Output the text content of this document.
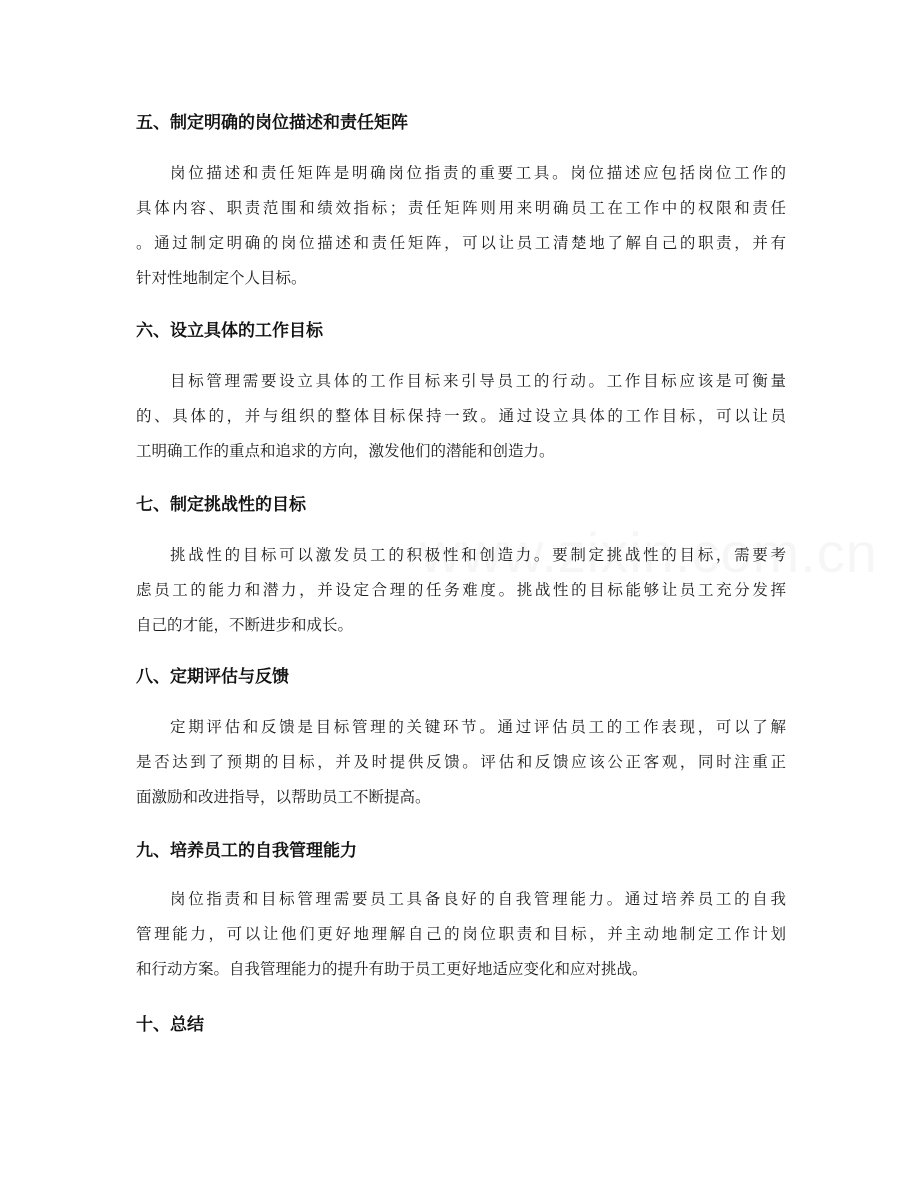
五、制定明确的岗位描述和责任矩阵
岗位描述和责任矩阵是明确岗位指责的重要工具。岗位描述应包括岗位工作的
具体内容、职责范围和绩效指标；责任矩阵则用来明确员工在工作中的权限和责任
。通过制定明确的岗位描述和责任矩阵，可以让员工清楚地了解自己的职责，并有
针对性地制定个人目标。
六、设立具体的工作目标
目标管理需要设立具体的工作目标来引导员工的行动。工作目标应该是可衡量
的、具体的，并与组织的整体目标保持一致。通过设立具体的工作目标，可以让员
工明确工作的重点和追求的方向，激发他们的潜能和创造力。
七、制定挑战性的目标
挑战性的目标可以激发员工的积极性和创造力。要制定挑战性的目标，需要考
虑员工的能力和潜力，并设定合理的任务难度。挑战性的目标能够让员工充分发挥
自己的才能，不断进步和成长。
八、定期评估与反馈
定期评估和反馈是目标管理的关键环节。通过评估员工的工作表现，可以了解
是否达到了预期的目标，并及时提供反馈。评估和反馈应该公正客观，同时注重正
面激励和改进指导，以帮助员工不断提高。
九、培养员工的自我管理能力
岗位指责和目标管理需要员工具备良好的自我管理能力。通过培养员工的自我
管理能力，可以让他们更好地理解自己的岗位职责和目标，并主动地制定工作计划
和行动方案。自我管理能力的提升有助于员工更好地适应变化和应对挑战。
十、总结
